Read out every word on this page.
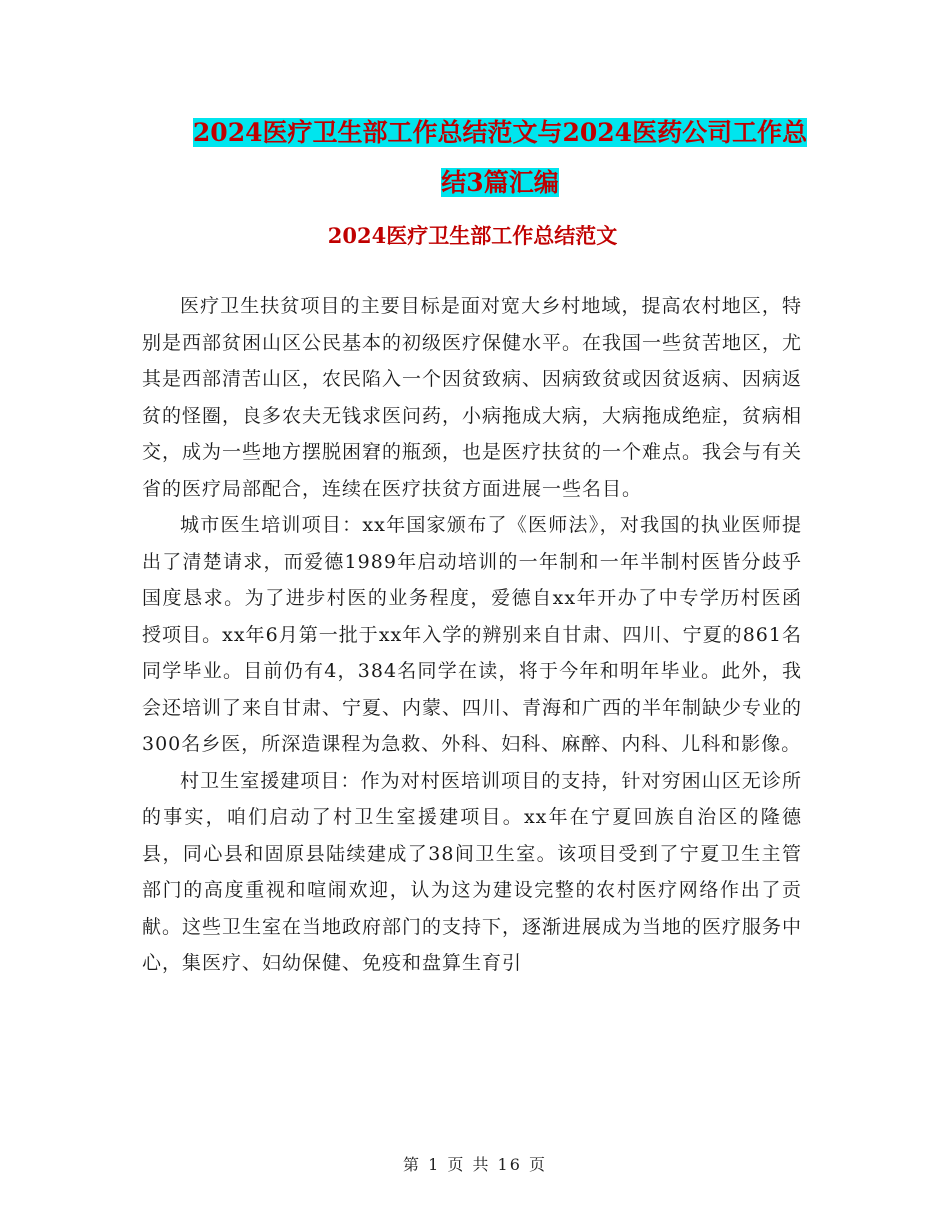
2024医疗卫生部工作总结范文与2024医药公司工作总
结3篇汇编
2024医疗卫生部工作总结范文

医疗卫生扶贫项目的主要目标是面对宽大乡村地域，提高农村地区，特别是西部贫困山区公民基本的初级医疗保健水平。在我国一些贫苦地区，尤其是西部清苦山区，农民陷入一个因贫致病、因病致贫或因贫返病、因病返贫的怪圈，良多农夫无钱求医问药，小病拖成大病，大病拖成绝症，贫病相交，成为一些地方摆脱困窘的瓶颈，也是医疗扶贫的一个难点。我会与有关省的医疗局部配合，连续在医疗扶贫方面进展一些名目。

城市医生培训项目：xx年国家颁布了《医师法》，对我国的执业医师提出了清楚请求，而爱德1989年启动培训的一年制和一年半制村医皆分歧乎国度恳求。为了进步村医的业务程度，爱德自xx年开办了中专学历村医函授项目。xx年6月第一批于xx年入学的辨别来自甘肃、四川、宁夏的861名同学毕业。目前仍有4，384名同学在读，将于今年和明年毕业。此外，我会还培训了来自甘肃、宁夏、内蒙、四川、青海和广西的半年制缺少专业的300名乡医，所深造课程为急救、外科、妇科、麻醉、内科、儿科和影像。

村卫生室援建项目：作为对村医培训项目的支持，针对穷困山区无诊所的事实，咱们启动了村卫生室援建项目。xx年在宁夏回族自治区的隆德县，同心县和固原县陆续建成了38间卫生室。该项目受到了宁夏卫生主管部门的高度重视和喧闹欢迎，认为这为建设完整的农村医疗网络作出了贡献。这些卫生室在当地政府部门的支持下，逐渐进展成为当地的医疗服务中心，集医疗、妇幼保健、免疫和盘算生育引

第 1 页 共 16 页
